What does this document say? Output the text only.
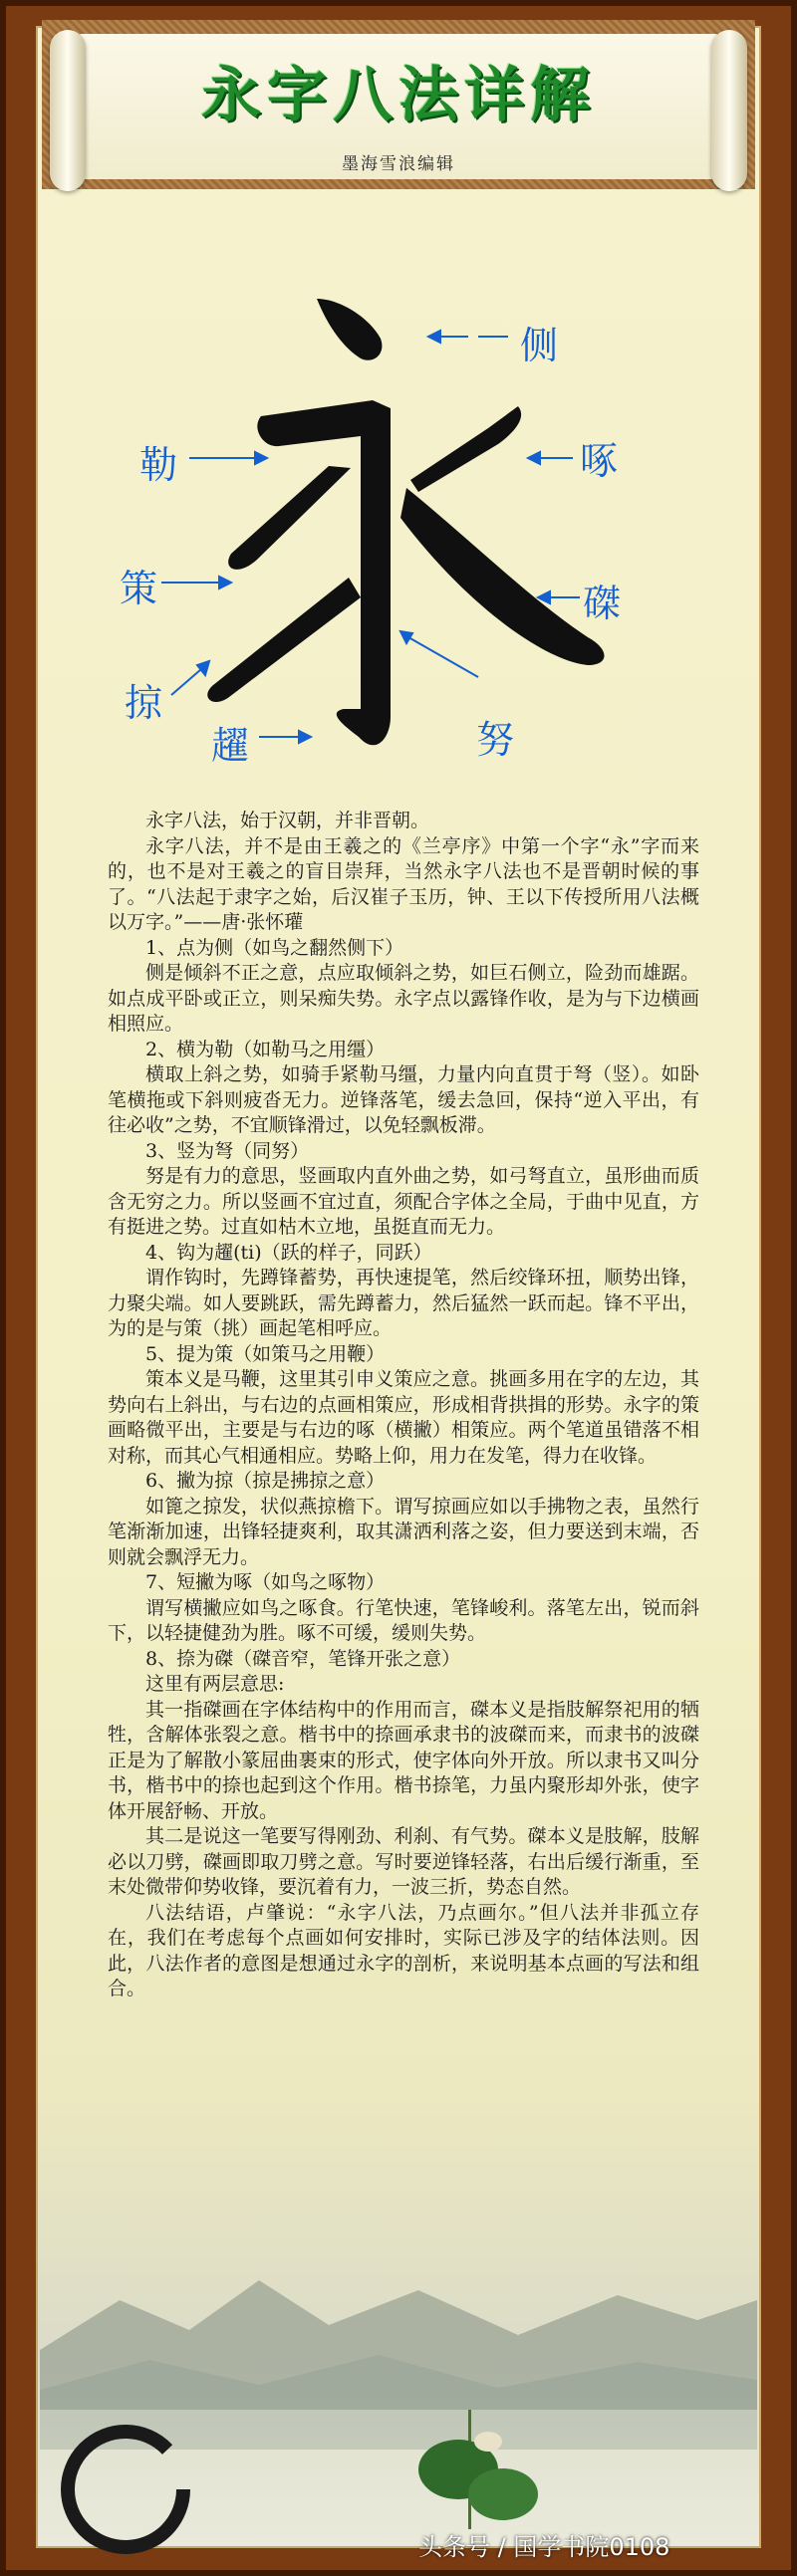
永字八法详解
墨海雪浪编辑
侧
勒	啄
策	磔
掠
努
趯

永字八法，始于汉朝，并非晋朝。

永字八法，并不是由王羲之的《兰亭序》中第一个字“永”字而来的，也不是对王羲之的盲目崇拜，当然永字八法也不是晋朝时候的事了。“八法起于隶字之始，后汉崔子玉历，钟、王以下传授所用八法概以万字。”——唐·张怀瓘

1、点为侧（如鸟之翻然侧下）

侧是倾斜不正之意，点应取倾斜之势，如巨石侧立，险劲而雄踞。如点成平卧或正立，则呆痴失势。永字点以露锋作收，是为与下边横画相照应。

2、横为勒（如勒马之用缰）

横取上斜之势，如骑手紧勒马缰，力量内向直贯于弩（竖）。如卧笔横拖或下斜则疲沓无力。逆锋落笔，缓去急回，保持“逆入平出，有往必收”之势，不宜顺锋滑过，以免轻飘板滞。

3、竖为弩（同努）

努是有力的意思，竖画取内直外曲之势，如弓弩直立，虽形曲而质含无穷之力。所以竖画不宜过直，须配合字体之全局，于曲中见直，方有挺进之势。过直如枯木立地，虽挺直而无力。

4、钩为趯(ti)（跃的样子，同跃）

谓作钩时，先蹲锋蓄势，再快速提笔，然后绞锋环扭，顺势出锋，力聚尖端。如人要跳跃，需先蹲蓄力，然后猛然一跃而起。锋不平出，为的是与策（挑）画起笔相呼应。

5、提为策（如策马之用鞭）

策本义是马鞭，这里其引申义策应之意。挑画多用在字的左边，其势向右上斜出，与右边的点画相策应，形成相背拱揖的形势。永字的策画略微平出，主要是与右边的啄（横撇）相策应。两个笔道虽错落不相对称，而其心气相通相应。势略上仰，用力在发笔，得力在收锋。

6、撇为掠（掠是拂掠之意）

如篦之掠发，状似燕掠檐下。谓写掠画应如以手拂物之表，虽然行笔渐渐加速，出锋轻捷爽利，取其潇洒利落之姿，但力要送到末端，否则就会飘浮无力。

7、短撇为啄（如鸟之啄物）

谓写横撇应如鸟之啄食。行笔快速，笔锋峻利。落笔左出，锐而斜下，以轻捷健劲为胜。啄不可缓，缓则失势。

8、捺为磔（磔音窄，笔锋开张之意）

这里有两层意思:

其一指磔画在字体结构中的作用而言，磔本义是指肢解祭祀用的牺牲，含解体张裂之意。楷书中的捺画承隶书的波磔而来，而隶书的波磔正是为了解散小篆屈曲裹束的形式，使字体向外开放。所以隶书又叫分书，楷书中的捺也起到这个作用。楷书捺笔，力虽内聚形却外张，使字体开展舒畅、开放。

其二是说这一笔要写得刚劲、利刹、有气势。磔本义是肢解，肢解必以刀劈，磔画即取刀劈之意。写时要逆锋轻落，右出后缓行渐重，至末处微带仰势收锋，要沉着有力，一波三折，势态自然。

八法结语，卢肇说：“永字八法，乃点画尔。”但八法并非孤立存在，我们在考虑每个点画如何安排时，实际已涉及字的结体法则。因此，八法作者的意图是想通过永字的剖析，来说明基本点画的写法和组合。

头条号 / 国学书院0108
